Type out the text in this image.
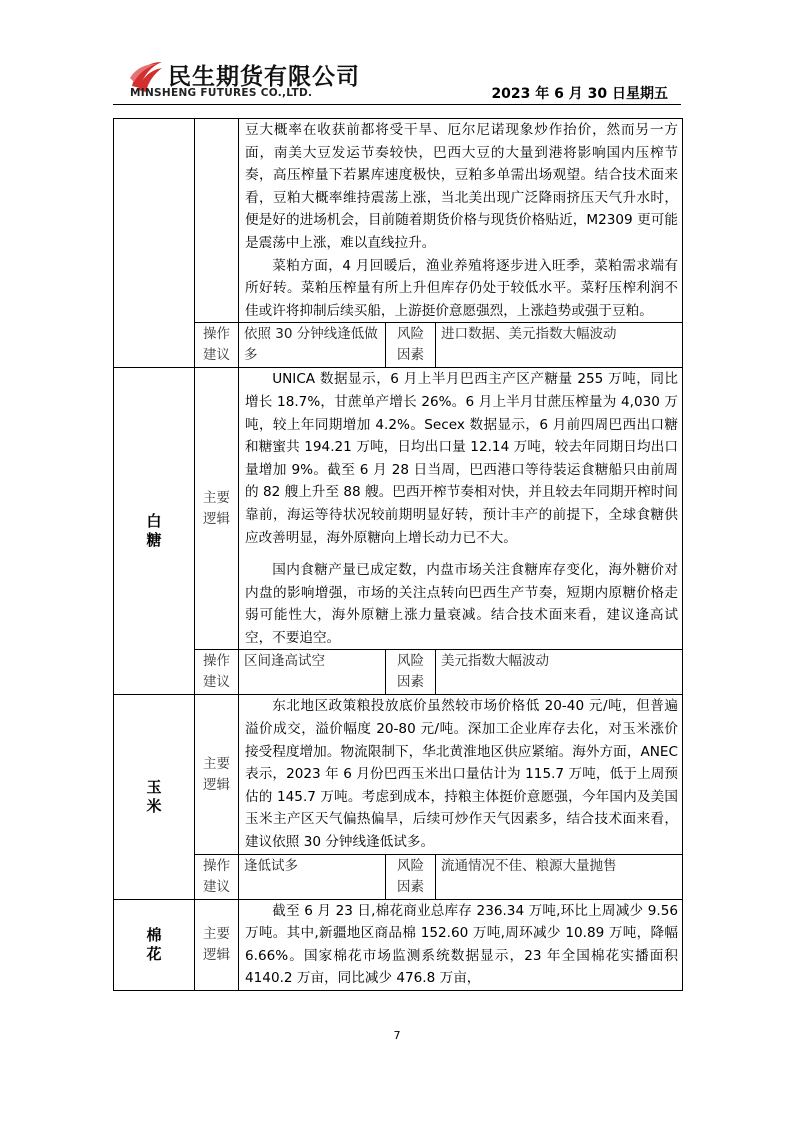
民生期货有限公司
MINSHENG FUTURES CO.,LTD.	2023 年 6 月 30 日星期五

		豆大概率在收获前都将受干旱、厄尔尼诺现象炒作抬价，然而另一方面，南美大豆发运节奏较快，巴西大豆的大量到港将影响国内压榨节奏，高压榨量下若累库速度极快，豆粕多单需出场观望。结合技术面来看，豆粕大概率维持震荡上涨，当北美出现广泛降雨挤压天气升水时，便是好的进场机会，目前随着期货价格与现货价格贴近，M2309 更可能是震荡中上涨，难以直线拉升。

菜粕方面，4 月回暖后，渔业养殖将逐步进入旺季，菜粕需求端有所好转。菜粕压榨量有所上升但库存仍处于较低水平。菜籽压榨利润不佳或许将抑制后续买船，上游挺价意愿强烈，上涨趋势或强于豆粕。		

	操作建议	依照 30 分钟线逢低做多	风险因素	进口数据、美元指数大幅波动

白糖	主要逻辑	UNICA 数据显示，6 月上半月巴西主产区产糖量 255 万吨，同比增长 18.7%，甘蔗单产增长 26%。6 月上半月甘蔗压榨量为 4,030 万吨，较上年同期增加 4.2%。Secex 数据显示，6 月前四周巴西出口糖和糖蜜共 194.21 万吨，日均出口量 12.14 万吨，较去年同期日均出口量增加 9%。截至 6 月 28 日当周，巴西港口等待装运食糖船只由前周的 82 艘上升至 88 艘。巴西开榨节奏相对快，并且较去年同期开榨时间靠前，海运等待状况较前期明显好转，预计丰产的前提下，全球食糖供应改善明显，海外原糖向上增长动力已不大。

国内食糖产量已成定数，内盘市场关注食糖库存变化，海外糖价对内盘的影响增强，市场的关注点转向巴西生产节奏，短期内原糖价格走弱可能性大，海外原糖上涨力量衰减。结合技术面来看，建议逢高试空，不要追空。		

	操作建议	区间逢高试空	风险因素	美元指数大幅波动

玉米	主要逻辑	东北地区政策粮投放底价虽然较市场价格低 20-40 元/吨，但普遍溢价成交，溢价幅度 20-80 元/吨。深加工企业库存去化，对玉米涨价接受程度增加。物流限制下，华北黄淮地区供应紧缩。海外方面，ANEC 表示，2023 年 6 月份巴西玉米出口量估计为 115.7 万吨，低于上周预估的 145.7 万吨。考虑到成本，持粮主体挺价意愿强，今年国内及美国玉米主产区天气偏热偏旱，后续可炒作天气因素多，结合技术面来看，建议依照 30 分钟线逢低试多。		

	操作建议	逢低试多	风险因素	流通情况不佳、粮源大量抛售

棉花	主要逻辑	截至 6 月 23 日,棉花商业总库存 236.34 万吨,环比上周减少 9.56 万吨。其中,新疆地区商品棉 152.60 万吨,周环减少 10.89 万吨，降幅 6.66%。国家棉花市场监测系统数据显示，23 年全国棉花实播面积 4140.2 万亩，同比减少 476.8 万亩，		

7
